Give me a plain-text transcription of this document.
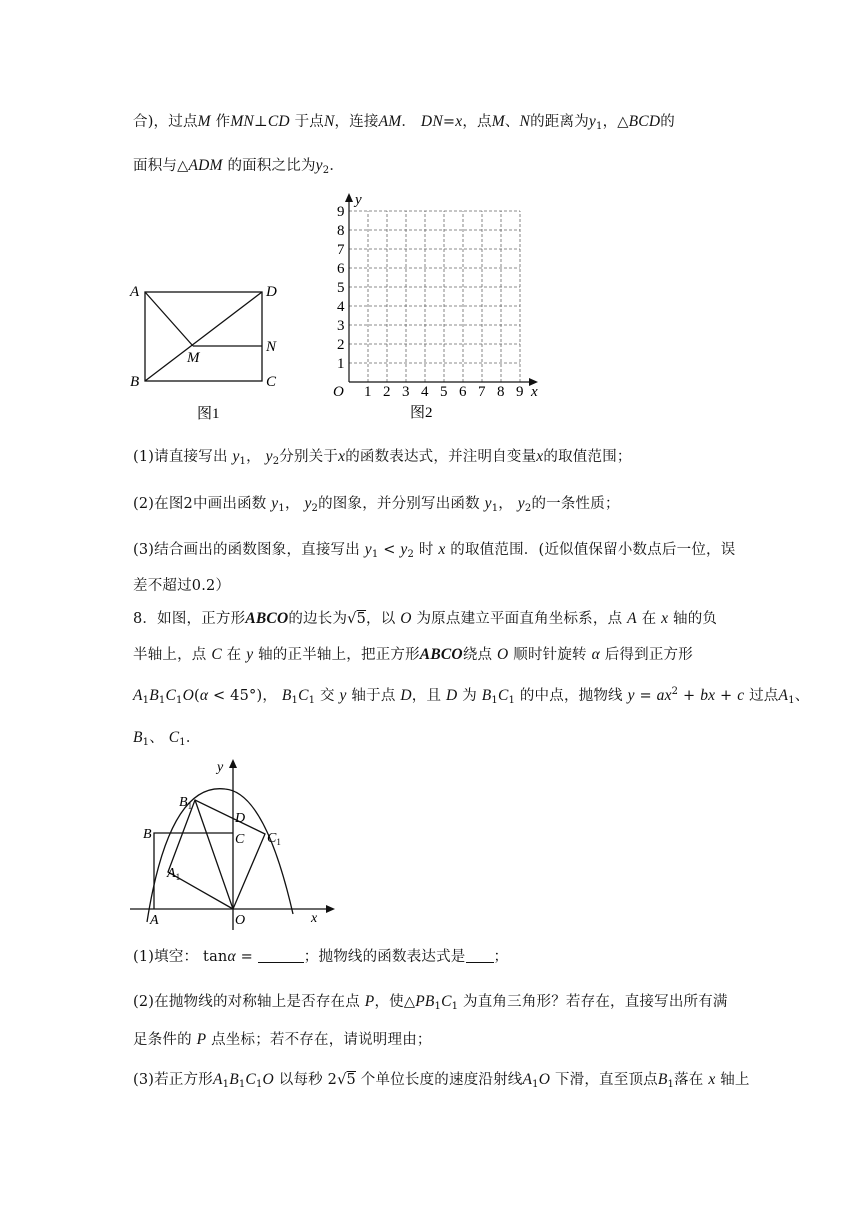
合)，过点M 作MN⊥CD 于点N，连接AM． DN=x，点M、N的距离为$y_1$，△BCD的
面积与△ADM 的面积之比为$y_2$．
A	D
B	C
M
N
图1
y
x
O 1 2 3 4 5 6 7 8 9
1
2
3
4
5
6
7
8
9
图2
(1)请直接写出 $y_1$， $y_2$分别关于x的函数表达式，并注明自变量x的取值范围；
(2)在图2中画出函数 $y_1$， $y_2$的图象，并分别写出函数 $y_1$， $y_2$的一条性质；
(3)结合画出的函数图象，直接写出 $y_1 < y_2$ 时 x 的取值范围．(近似值保留小数点后一位，误
差不超过0.2）
8．如图，正方形ABCO的边长为√5，以 O 为原点建立平面直角坐标系，点 A 在 x 轴的负
半轴上，点 C 在 y 轴的正半轴上，把正方形ABCO绕点 O 顺时针旋转 α 后得到正方形
$A_1B_1C_1O(\alpha < 45^\circ)$， $B_1C_1$ 交 y 轴于点 D，且 D 为 $B_1C_1$ 的中点，抛物线 $y = ax^2$ + bx + c 过点$A_1$、
$B_1$、 $C_1$．
y
x
$B_1$
B
D
C $C_1$
$A_1$
A	O
(1)填空： tanα =	；抛物线的函数表达式是 ；
(2)在抛物线的对称轴上是否存在点 P，使$\triangle PB_1C_1$ 为直角三角形？若存在，直接写出所有满
足条件的 P 点坐标；若不存在，请说明理由；
(3)若正方形$A_1B_1C_1O$ 以每秒 2√5 个单位长度的速度沿射线$A_1O$ 下滑，直至顶点$B_1$落在 x 轴上
